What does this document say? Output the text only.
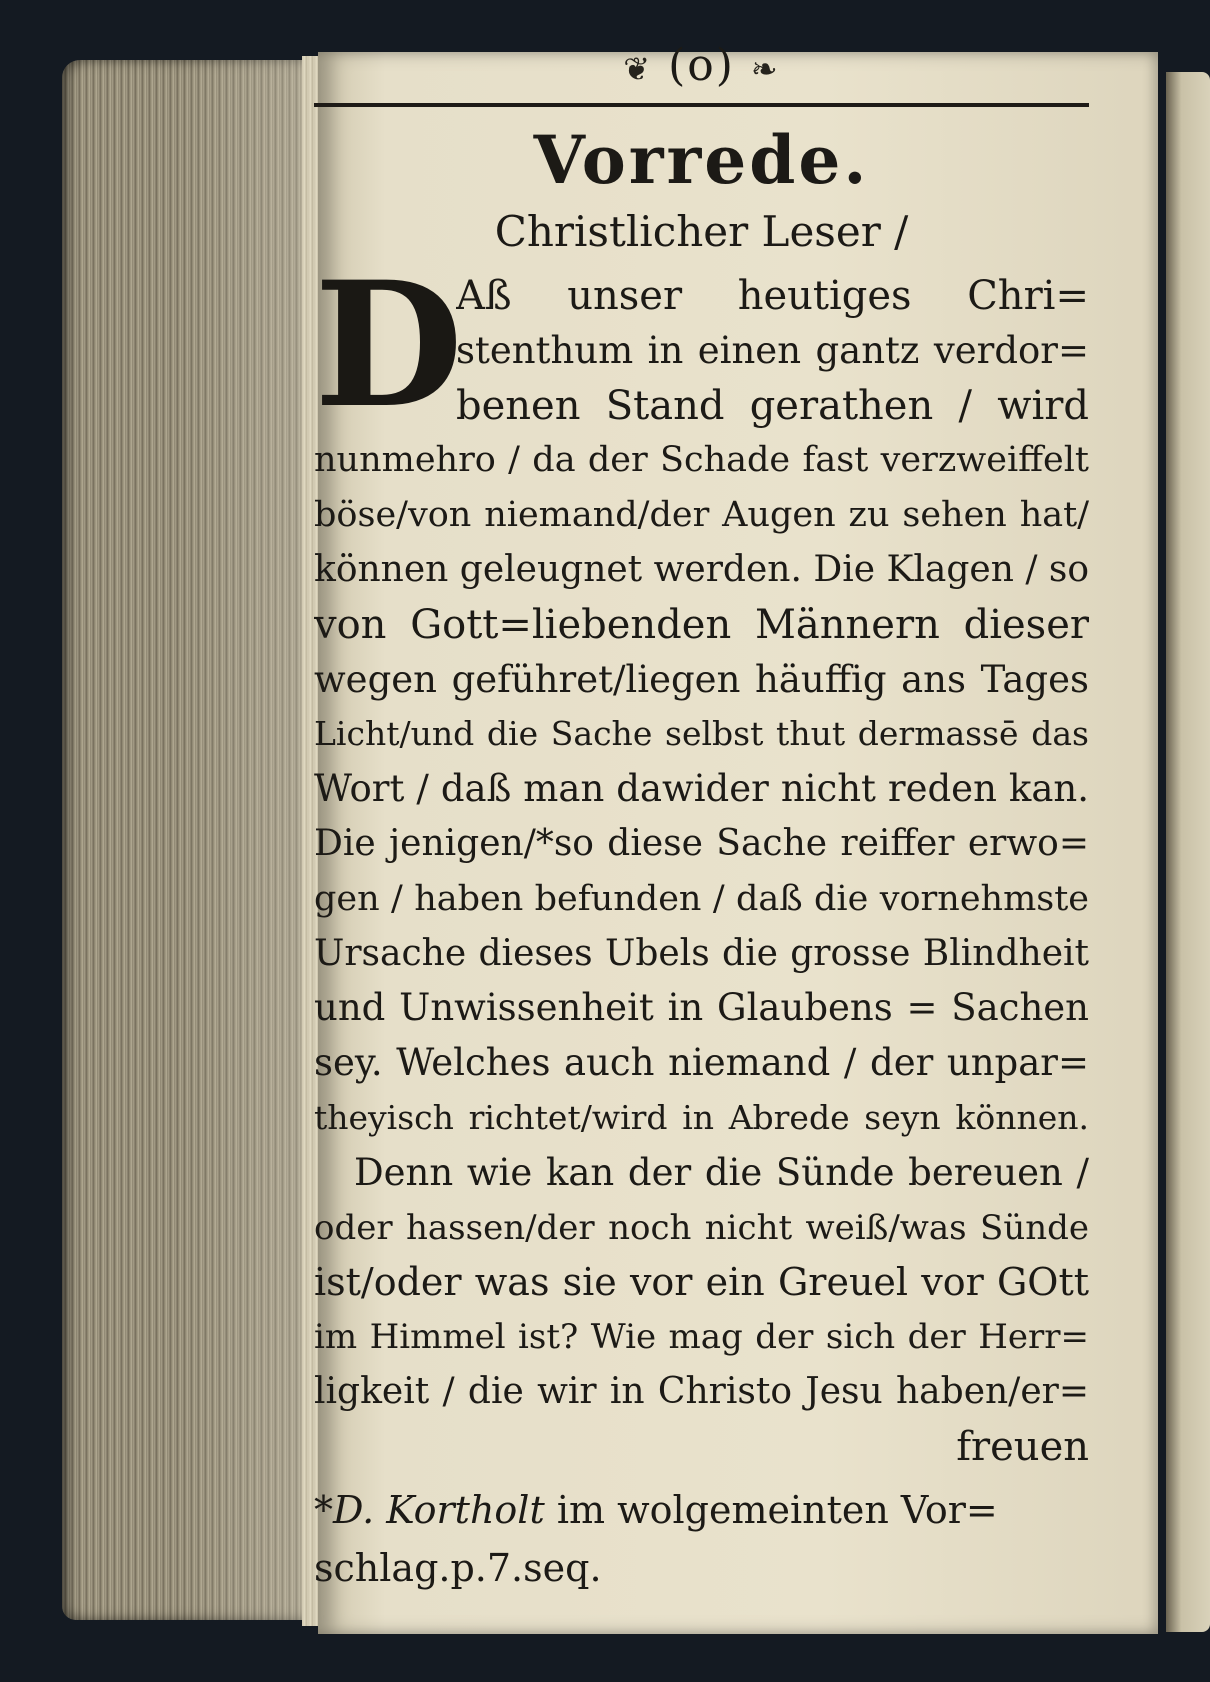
❦ (o) ❧
Vorrede.
Christlicher Leser /
D
Aß unser heutiges Chri=
stenthum in einen gantz verdor=
benen Stand gerathen / wird
nunmehro / da der Schade fast verzweiffelt
böse/von niemand/der Augen zu sehen hat/
können geleugnet werden. Die Klagen / so
von Gott=liebenden Männern dieser
wegen geführet/liegen häuffig ans Tages
Licht/und die Sache selbst thut dermassē das
Wort / daß man dawider nicht reden kan.
Die jenigen/*so diese Sache reiffer erwo=
gen / haben befunden / daß die vornehmste
Ursache dieses Ubels die grosse Blindheit
und Unwissenheit in Glaubens = Sachen
sey. Welches auch niemand / der unpar=
theyisch richtet/wird in Abrede seyn können.
Denn wie kan der die Sünde bereuen /
oder hassen/der noch nicht weiß/was Sünde
ist/oder was sie vor ein Greuel vor GOtt
im Himmel ist? Wie mag der sich der Herr=
ligkeit / die wir in Christo Jesu haben/er=
freuen
*D. Kortholt im wolgemeinten Vor=
schlag.p.7.seq.
